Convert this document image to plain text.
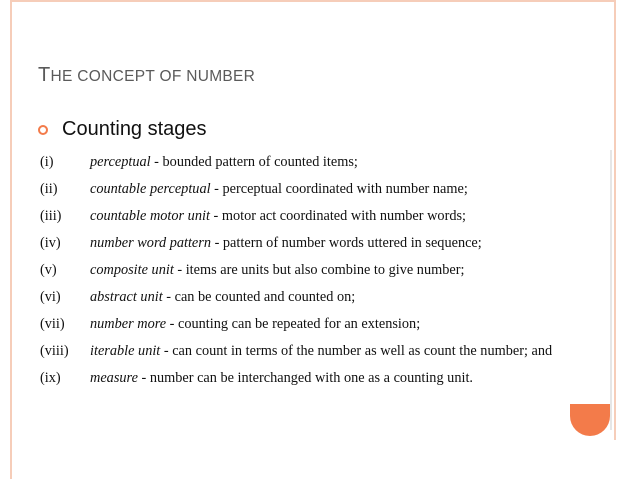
THE CONCEPT OF NUMBER
Counting stages
(i)	perceptual - bounded pattern of counted items;
(ii) countable perceptual - perceptual coordinated with number name;
(iii) countable motor unit - motor act coordinated with number words;
(iv) number word pattern - pattern of number words uttered in sequence;
(v) composite unit - items are units but also combine to give number;
(vi) abstract unit - can be counted and counted on;
(vii) number more - counting can be repeated for an extension;
(viii) iterable unit - can count in terms of the number as well as count the number; and
(ix) measure - number can be interchanged with one as a counting unit.
